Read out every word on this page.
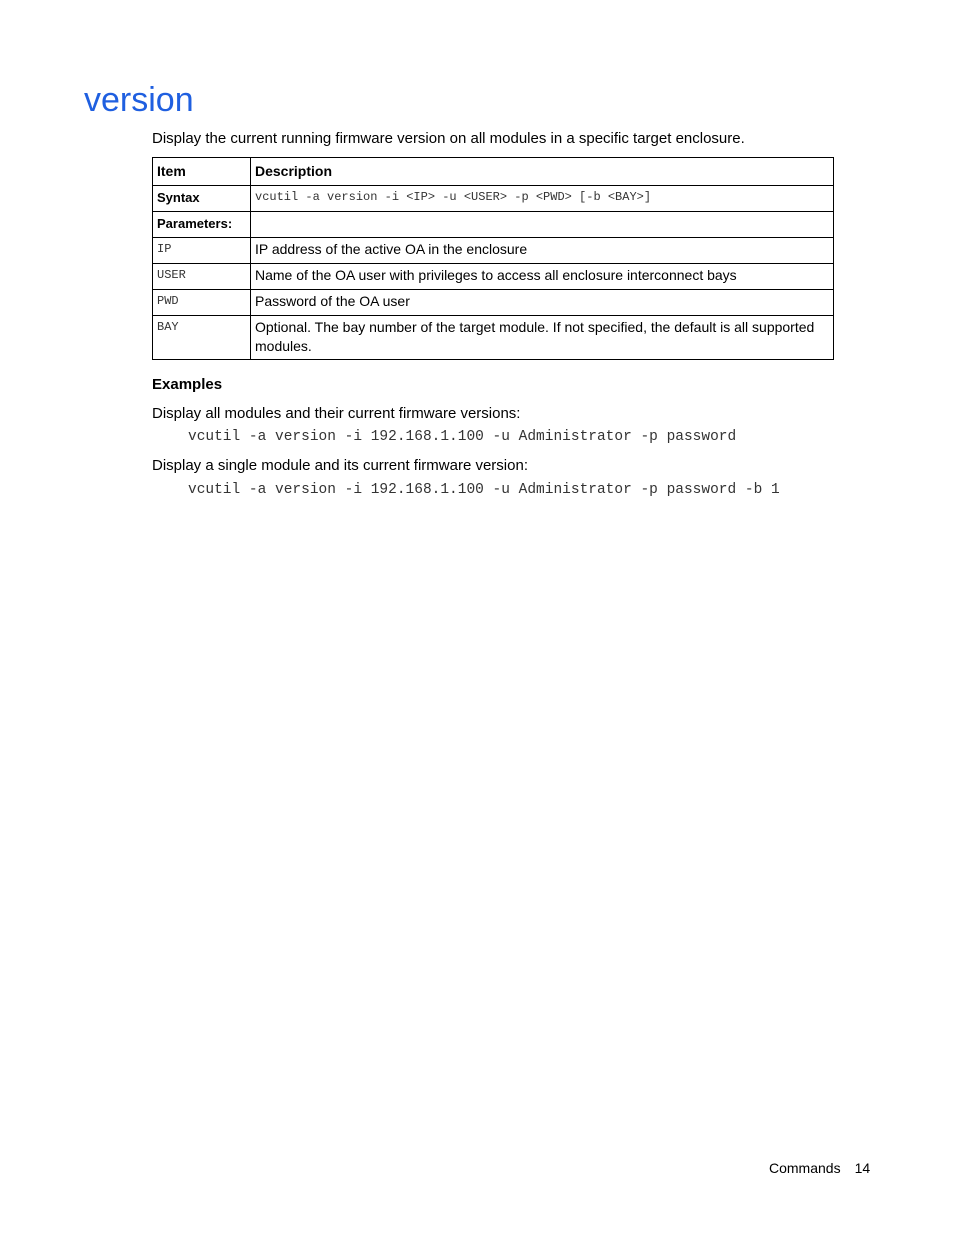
version

Display the current running firmware version on all modules in a specific target enclosure.

Item	Description
Syntax	vcutil -a version -i <IP> -u <USER> -p <PWD> [-b <BAY>]
Parameters:	
IP	IP address of the active OA in the enclosure
USER	Name of the OA user with privileges to access all enclosure interconnect bays
PWD	Password of the OA user
BAY	Optional. The bay number of the target module. If not specified, the default is all supported modules.
Examples

Display all modules and their current firmware versions:

vcutil -a version -i 192.168.1.100 -u Administrator -p password

Display a single module and its current firmware version:

vcutil -a version -i 192.168.1.100 -u Administrator -p password -b 1

Commands 14
